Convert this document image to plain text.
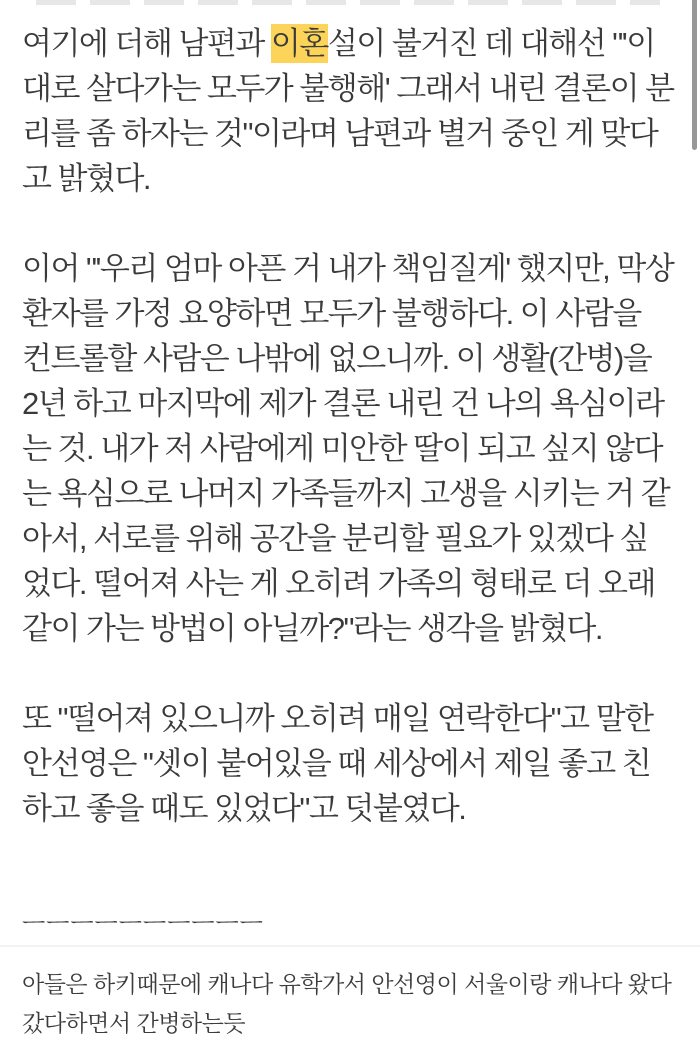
여기에 더해 남편과 이혼설이 불거진 데 대해선 "'이대로 살다가는 모두가 불행해' 그래서 내린 결론이 분리를 좀 하자는 것"이라며 남편과 별거 중인 게 맞다고 밝혔다.

이어 "'우리 엄마 아픈 거 내가 책임질게' 했지만, 막상 환자를 가정 요양하면 모두가 불행하다. 이 사람을 컨트롤할 사람은 나밖에 없으니까. 이 생활(간병)을 2년 하고 마지막에 제가 결론 내린 건 나의 욕심이라는 것. 내가 저 사람에게 미안한 딸이 되고 싶지 않다는 욕심으로 나머지 가족들까지 고생을 시키는 거 같아서, 서로를 위해 공간을 분리할 필요가 있겠다 싶었다. 떨어져 사는 게 오히려 가족의 형태로 더 오래 같이 가는 방법이 아닐까?"라는 생각을 밝혔다.

또 "떨어져 있으니까 오히려 매일 연락한다"고 말한 안선영은 "셋이 붙어있을 때 세상에서 제일 좋고 친하고 좋을 때도 있었다"고 덧붙였다.

ㅡㅡㅡㅡㅡㅡㅡㅡㅡㅡ

아들은 하키때문에 캐나다 유학가서 안선영이 서울이랑 캐나다 왔다갔다하면서 간병하는듯
